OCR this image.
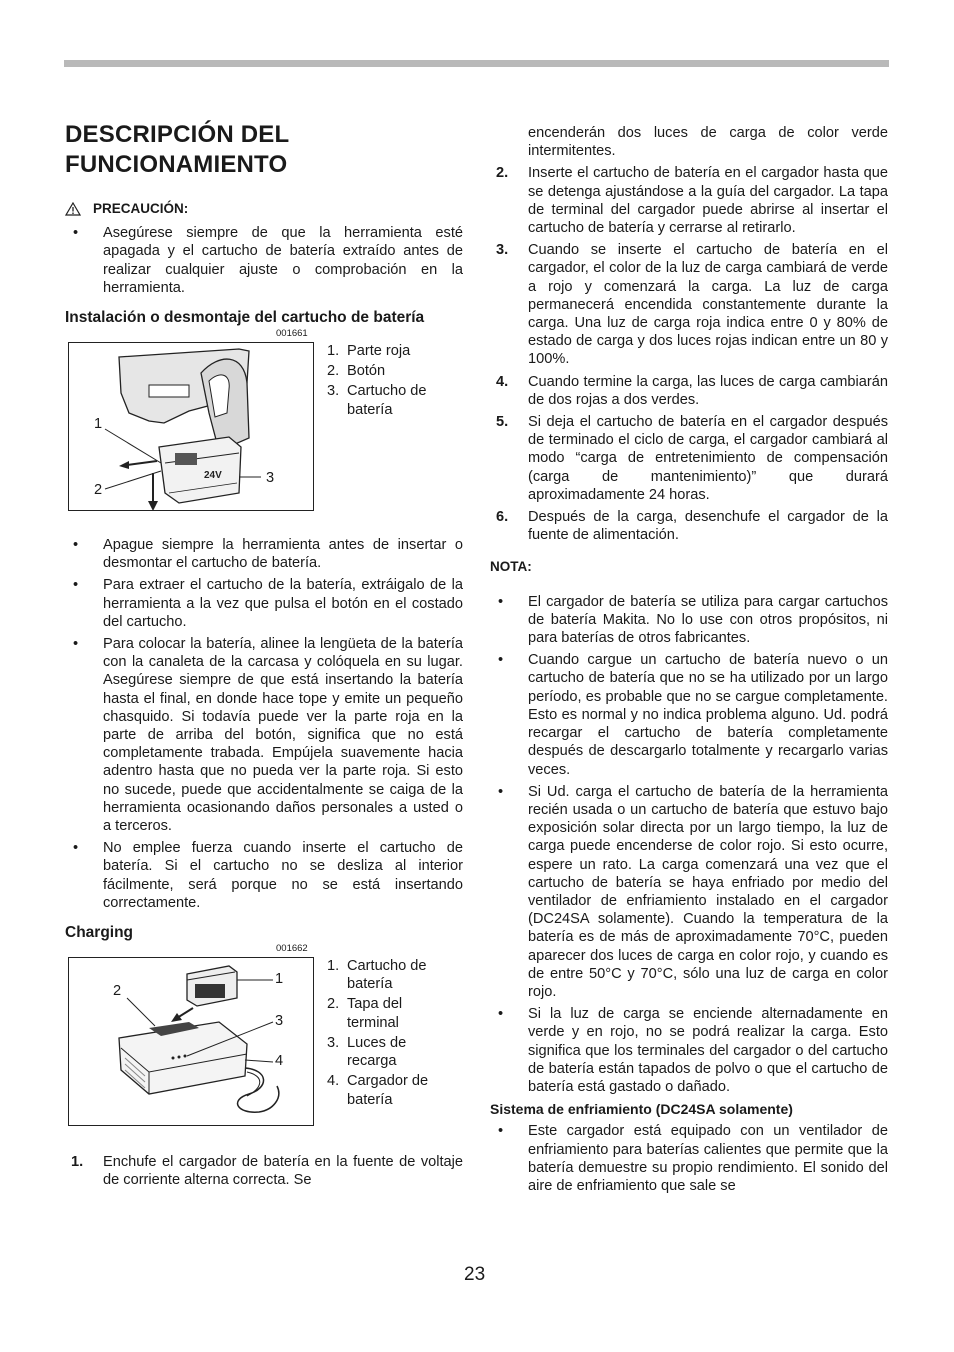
DESCRIPCIÓN DEL
FUNCIONAMIENTO
PRECAUCIÓN:
•	Asegúrese siempre de que la herramienta esté apagada y el cartucho de batería extraído antes de realizar cualquier ajuste o comprobación en la herramienta.
Instalación o desmontaje del cartucho de batería
001661
24V
1
2
3
1. Parte roja
2. Botón
3. Cartucho de batería
•	Apague siempre la herramienta antes de insertar o desmontar el cartucho de batería.
•	Para extraer el cartucho de la batería, extráigalo de la herramienta a la vez que pulsa el botón en el costado del cartucho.
•	Para colocar la batería, alinee la lengüeta de la batería con la canaleta de la carcasa y colóquela en su lugar. Asegúrese siempre de que está insertando la batería hasta el final, en donde hace tope y emite un pequeño chasquido. Si todavía puede ver la parte roja en la parte de arriba del botón, significa que no está completamente trabada. Empújela suavemente hacia adentro hasta que no pueda ver la parte roja. Si esto no sucede, puede que accidentalmente se caiga de la herramienta ocasionando daños personales a usted o a terceros.
•	No emplee fuerza cuando inserte el cartucho de batería. Si el cartucho no se desliza al interior fácilmente, será porque no se está insertando correctamente.
Charging
001662
1
2
3
4
1. Cartucho de batería
2. Tapa del terminal
3. Luces de recarga
4. Cargador de batería
1.	Enchufe el cargador de batería en la fuente de voltaje de corriente alterna correcta. Se
encenderán dos luces de carga de color verde intermitentes.
2.	Inserte el cartucho de batería en el cargador hasta que se detenga ajustándose a la guía del cargador. La tapa de terminal del cargador puede abrirse al insertar el cartucho de batería y cerrarse al retirarlo.
3.	Cuando se inserte el cartucho de batería en el cargador, el color de la luz de carga cambiará de verde a rojo y comenzará la carga. La luz de carga permanecerá encendida constantemente durante la carga. Una luz de carga roja indica entre 0 y 80% de estado de carga y dos luces rojas indican entre un 80 y 100%.
4.	Cuando termine la carga, las luces de carga cambiarán de dos rojas a dos verdes.
5.	Si deja el cartucho de batería en el cargador después de terminado el ciclo de carga, el cargador cambiará al modo “carga de entretenimiento de compensación (carga de mantenimiento)” que durará aproximadamente 24 horas.
6.	Después de la carga, desenchufe el cargador de la fuente de alimentación.
NOTA:
•	El cargador de batería se utiliza para cargar cartuchos de batería Makita. No lo use con otros propósitos, ni para baterías de otros fabricantes.
•	Cuando cargue un cartucho de batería nuevo o un cartucho de batería que no se ha utilizado por un largo período, es probable que no se cargue completamente. Esto es normal y no indica problema alguno. Ud. podrá recargar el cartucho de batería completamente después de descargarlo totalmente y recargarlo varias veces.
•	Si Ud. carga el cartucho de batería de la herramienta recién usada o un cartucho de batería que estuvo bajo exposición solar directa por un largo tiempo, la luz de carga puede encenderse de color rojo. Si esto ocurre, espere un rato. La carga comenzará una vez que el cartucho de batería se haya enfriado por medio del ventilador de enfriamiento instalado en el cargador (DC24SA solamente). Cuando la temperatura de la batería es de más de aproximadamente 70°C, pueden aparecer dos luces de carga en color rojo, y cuando es de entre 50°C y 70°C, sólo una luz de carga en color rojo.
•	Si la luz de carga se enciende alternadamente en verde y en rojo, no se podrá realizar la carga. Esto significa que los terminales del cargador o del cartucho de batería están tapados de polvo o que el cartucho de batería está gastado o dañado.
Sistema de enfriamiento (DC24SA solamente)
•	Este cargador está equipado con un ventilador de enfriamiento para baterías calientes que permite que la batería demuestre su propio rendimiento. El sonido del aire de enfriamiento que sale se
23
